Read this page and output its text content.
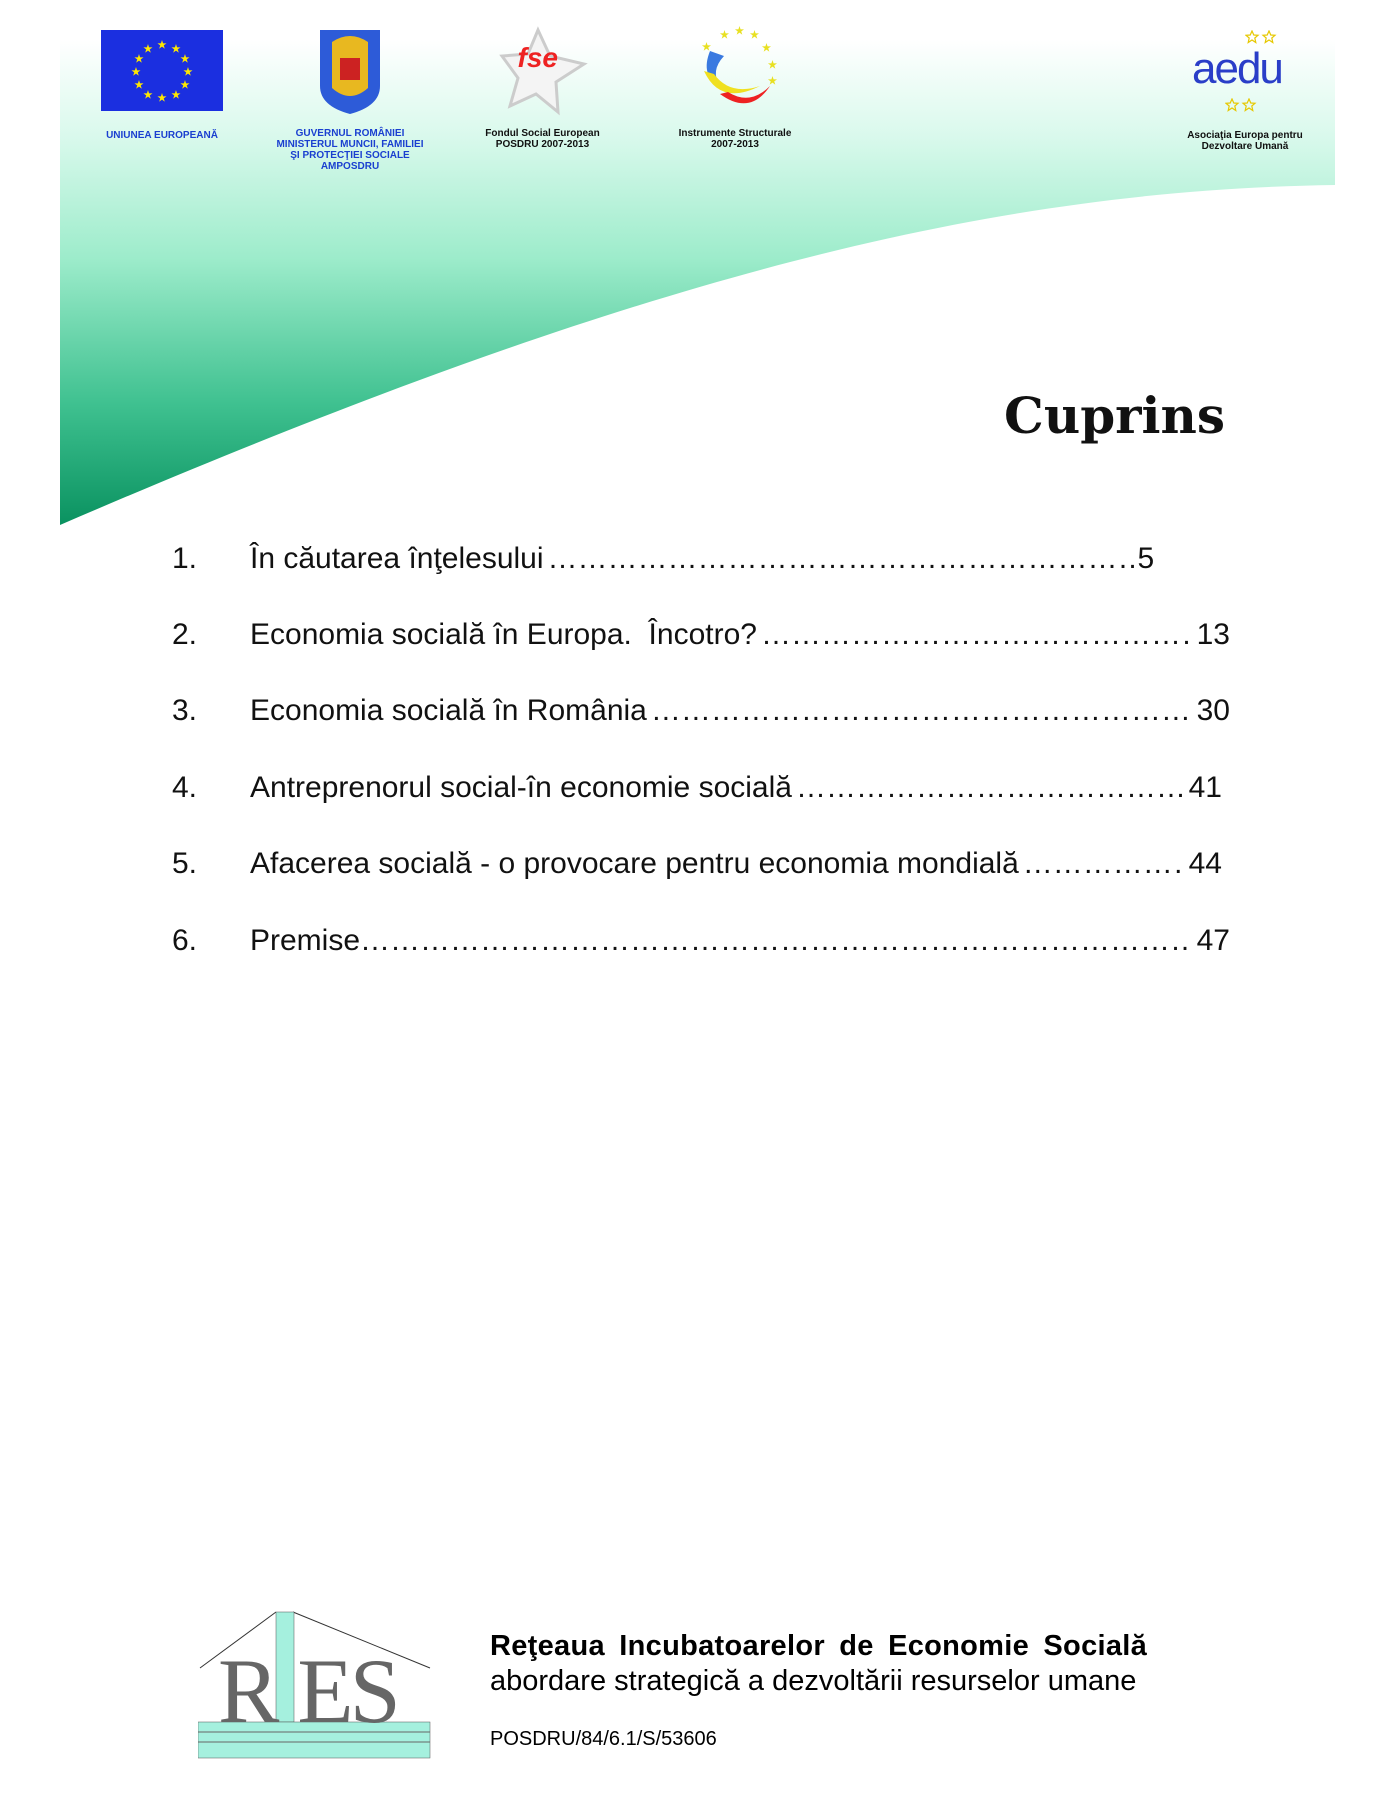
★ ★
★
★
★
★
★
★
★
★
★
★
UNIUNEA EUROPEANĂ	GUVERNUL ROMÂNIEI
MINISTERUL MUNCII, FAMILIEI
ŞI PROTECŢIEI SOCIALE
AMPOSDRU
fse
Fondul Social European
POSDRU 2007-2013
★ ★ ★
★
★
★
★
Instrumente Structurale
2007-2013
aedu
Asociaţia Europa pentru
Dezvoltare Umană
Cuprins
1.	În căutarea înţelesului ……………………………………………………………………………………………………………………………………………	5
2.	Economia socială în Europa.  Încotro? ……………………………………………………………………………………………………………………………………………	13
3.	Economia socială în România ……………………………………………………………………………………………………………………………………………	30
4.	Antreprenorul social-în economie socială ……………………………………………………………………………………………………………………………………………	41
5.	Afacerea socială - o provocare pentru economia mondială ……………………………………………………………………………………………………………………………………………	44
6.	Premise ……………………………………………………………………………………………………………………………………………	47
R ES	Reţeaua Incubatoarelor de Economie Socială
abordare strategică a dezvoltării resurselor umane
POSDRU/84/6.1/S/53606
